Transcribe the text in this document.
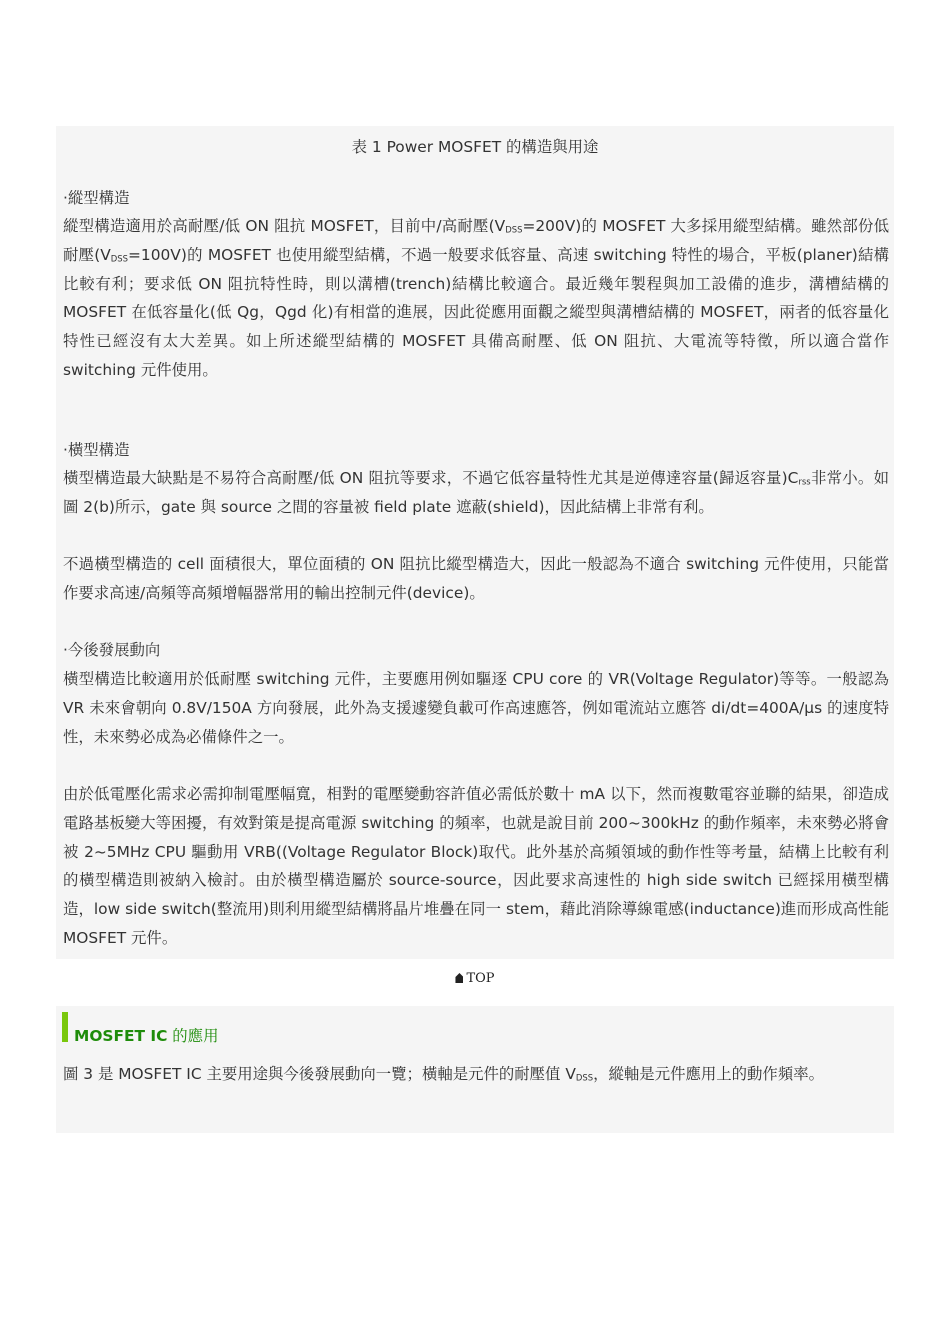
表 1 Power MOSFET 的構造與用途

·縱型構造

縱型構造適用於高耐壓/低 ON 阻抗 MOSFET，目前中/高耐壓$(V_{DSS}=200V)$的 MOSFET 大多採用縱型結構。雖然部份低耐壓$(V_{DSS}=100V)$的 MOSFET 也使用縱型結構，不過一般要求低容量、高速 switching 特性的場合，平板(planer)結構比較有利；要求低 ON 阻抗特性時，則以溝槽(trench)結構比較適合。最近幾年製程與加工設備的進步，溝槽結構的 MOSFET 在低容量化(低 Qg，Qgd 化)有相當的進展，因此從應用面觀之縱型與溝槽結構的 MOSFET，兩者的低容量化特性已經沒有太大差異。如上所述縱型結構的 MOSFET 具備高耐壓、低 ON 阻抗、大電流等特徵，所以適合當作 switching 元件使用。

·橫型構造

橫型構造最大缺點是不易符合高耐壓/低 ON 阻抗等要求，不過它低容量特性尤其是逆傳達容量(歸返容量)$C_{rss}$非常小。如圖 2(b)所示，gate 與 source 之間的容量被 field plate 遮蔽(shield)，因此結構上非常有利。

不過橫型構造的 cell 面積很大，單位面積的 ON 阻抗比縱型構造大，因此一般認為不適合 switching 元件使用，只能當作要求高速/高頻等高頻增幅器常用的輸出控制元件(device)。

·今後發展動向

橫型構造比較適用於低耐壓 switching 元件，主要應用例如驅逐 CPU core 的 VR(Voltage Regulator)等等。一般認為 VR 未來會朝向 0.8V/150A 方向發展，此外為支援遽變負載可作高速應答，例如電流站立應答 di/dt=400A/μs 的速度特性，未來勢必成為必備條件之一。

由於低電壓化需求必需抑制電壓幅寬，相對的電壓變動容許值必需低於數十 mA 以下，然而複數電容並聯的結果，卻造成電路基板變大等困擾，有效對策是提高電源 switching 的頻率，也就是說目前 200~300kHz 的動作頻率，未來勢必將會被 2~5MHz CPU 驅動用 VRB((Voltage Regulator Block)取代。此外基於高頻領域的動作性等考量，結構上比較有利的橫型構造則被納入檢討。由於橫型構造屬於 source-source，因此要求高速性的 high side switch 已經採用橫型構造，low side switch(整流用)則利用縱型結構將晶片堆疊在同一 stem，藉此消除導線電感(inductance)進而形成高性能 MOSFET 元件。

TOP
MOSFET IC 的應用

圖 3 是 MOSFET IC 主要用途與今後發展動向一覽；橫軸是元件的耐壓值 $V_{DSS}$，縱軸是元件應用上的動作頻率。
